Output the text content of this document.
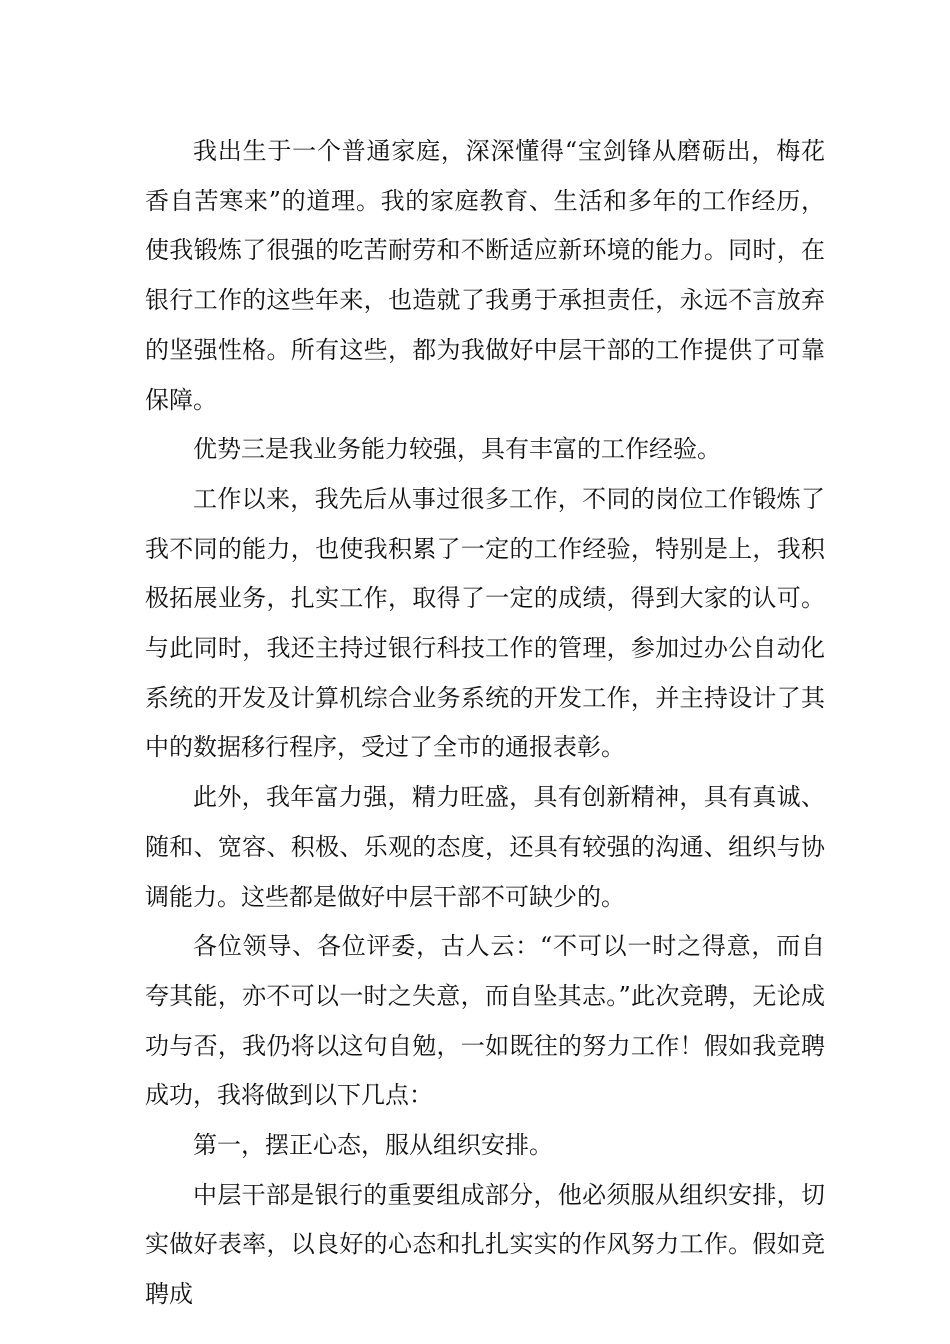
我出生于一个普通家庭，深深懂得“宝剑锋从磨砺出，梅花香自苦寒来”的道理。我的家庭教育、生活和多年的工作经历，使我锻炼了很强的吃苦耐劳和不断适应新环境的能力。同时，在银行工作的这些年来，也造就了我勇于承担责任，永远不言放弃的坚强性格。所有这些，都为我做好中层干部的工作提供了可靠保障。

优势三是我业务能力较强，具有丰富的工作经验。

工作以来，我先后从事过很多工作，不同的岗位工作锻炼了我不同的能力，也使我积累了一定的工作经验，特别是上，我积极拓展业务，扎实工作，取得了一定的成绩，得到大家的认可。与此同时，我还主持过银行科技工作的管理，参加过办公自动化系统的开发及计算机综合业务系统的开发工作，并主持设计了其中的数据移行程序，受过了全市的通报表彰。

此外，我年富力强，精力旺盛，具有创新精神，具有真诚、随和、宽容、积极、乐观的态度，还具有较强的沟通、组织与协调能力。这些都是做好中层干部不可缺少的。

各位领导、各位评委，古人云：“不可以一时之得意，而自夸其能，亦不可以一时之失意，而自坠其志。”此次竞聘，无论成功与否，我仍将以这句自勉，一如既往的努力工作！假如我竞聘成功，我将做到以下几点：

第一，摆正心态，服从组织安排。

中层干部是银行的重要组成部分，他必须服从组织安排，切实做好表率，以良好的心态和扎扎实实的作风努力工作。假如竞聘成
